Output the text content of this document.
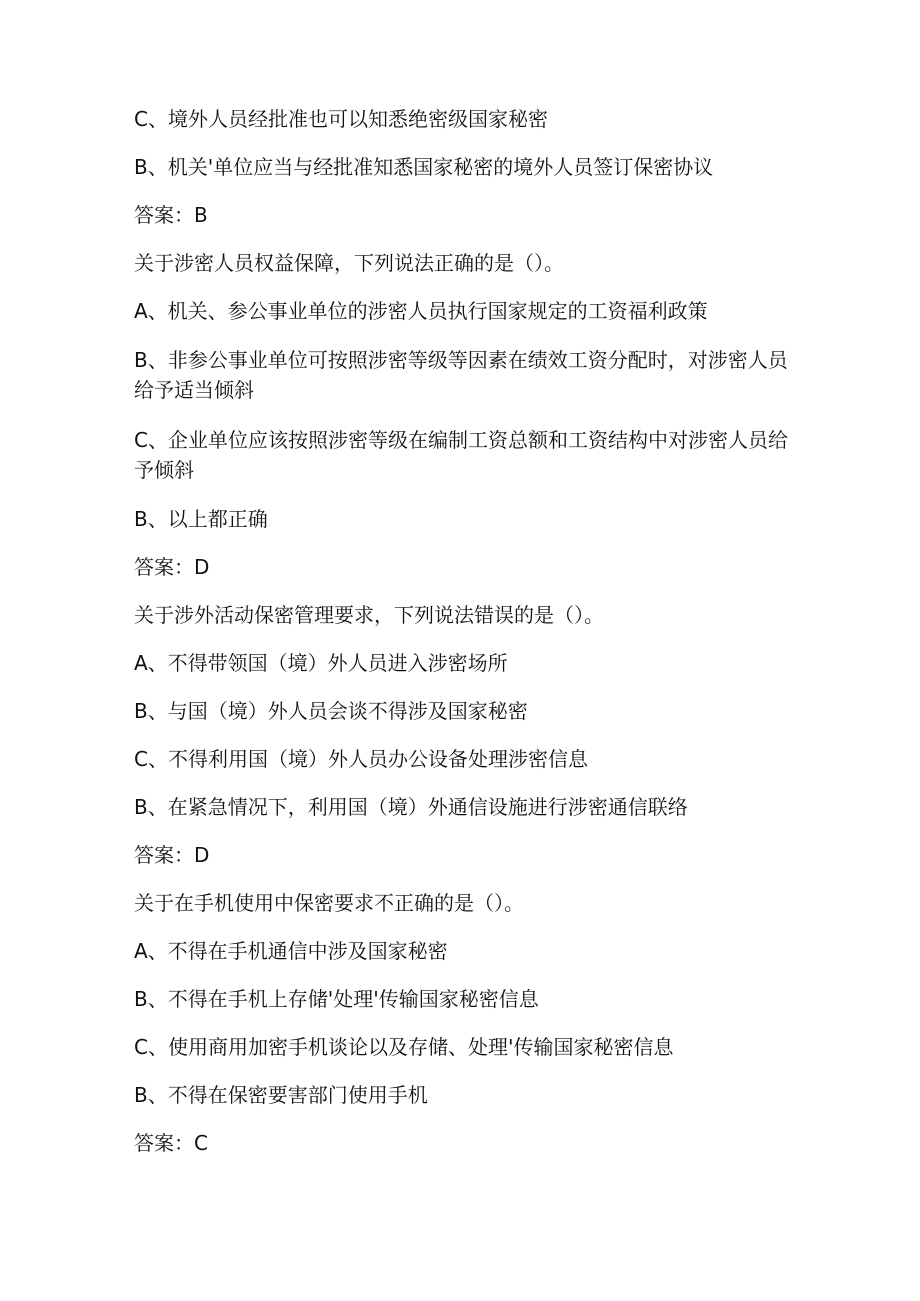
C、境外人员经批准也可以知悉绝密级国家秘密

B、机关'单位应当与经批准知悉国家秘密的境外人员签订保密协议

答案：B

关于涉密人员权益保障，下列说法正确的是（）。

A、机关、参公事业单位的涉密人员执行国家规定的工资福利政策

B、非参公事业单位可按照涉密等级等因素在绩效工资分配时，对涉密人员给予适当倾斜

C、企业单位应该按照涉密等级在编制工资总额和工资结构中对涉密人员给予倾斜

B、以上都正确

答案：D

关于涉外活动保密管理要求，下列说法错误的是（）。

A、不得带领国（境）外人员进入涉密场所

B、与国（境）外人员会谈不得涉及国家秘密

C、不得利用国（境）外人员办公设备处理涉密信息

B、在紧急情况下，利用国（境）外通信设施进行涉密通信联络

答案：D

关于在手机使用中保密要求不正确的是（）。

A、不得在手机通信中涉及国家秘密

B、不得在手机上存储'处理'传输国家秘密信息

C、使用商用加密手机谈论以及存储、处理'传输国家秘密信息

B、不得在保密要害部门使用手机

答案：C
